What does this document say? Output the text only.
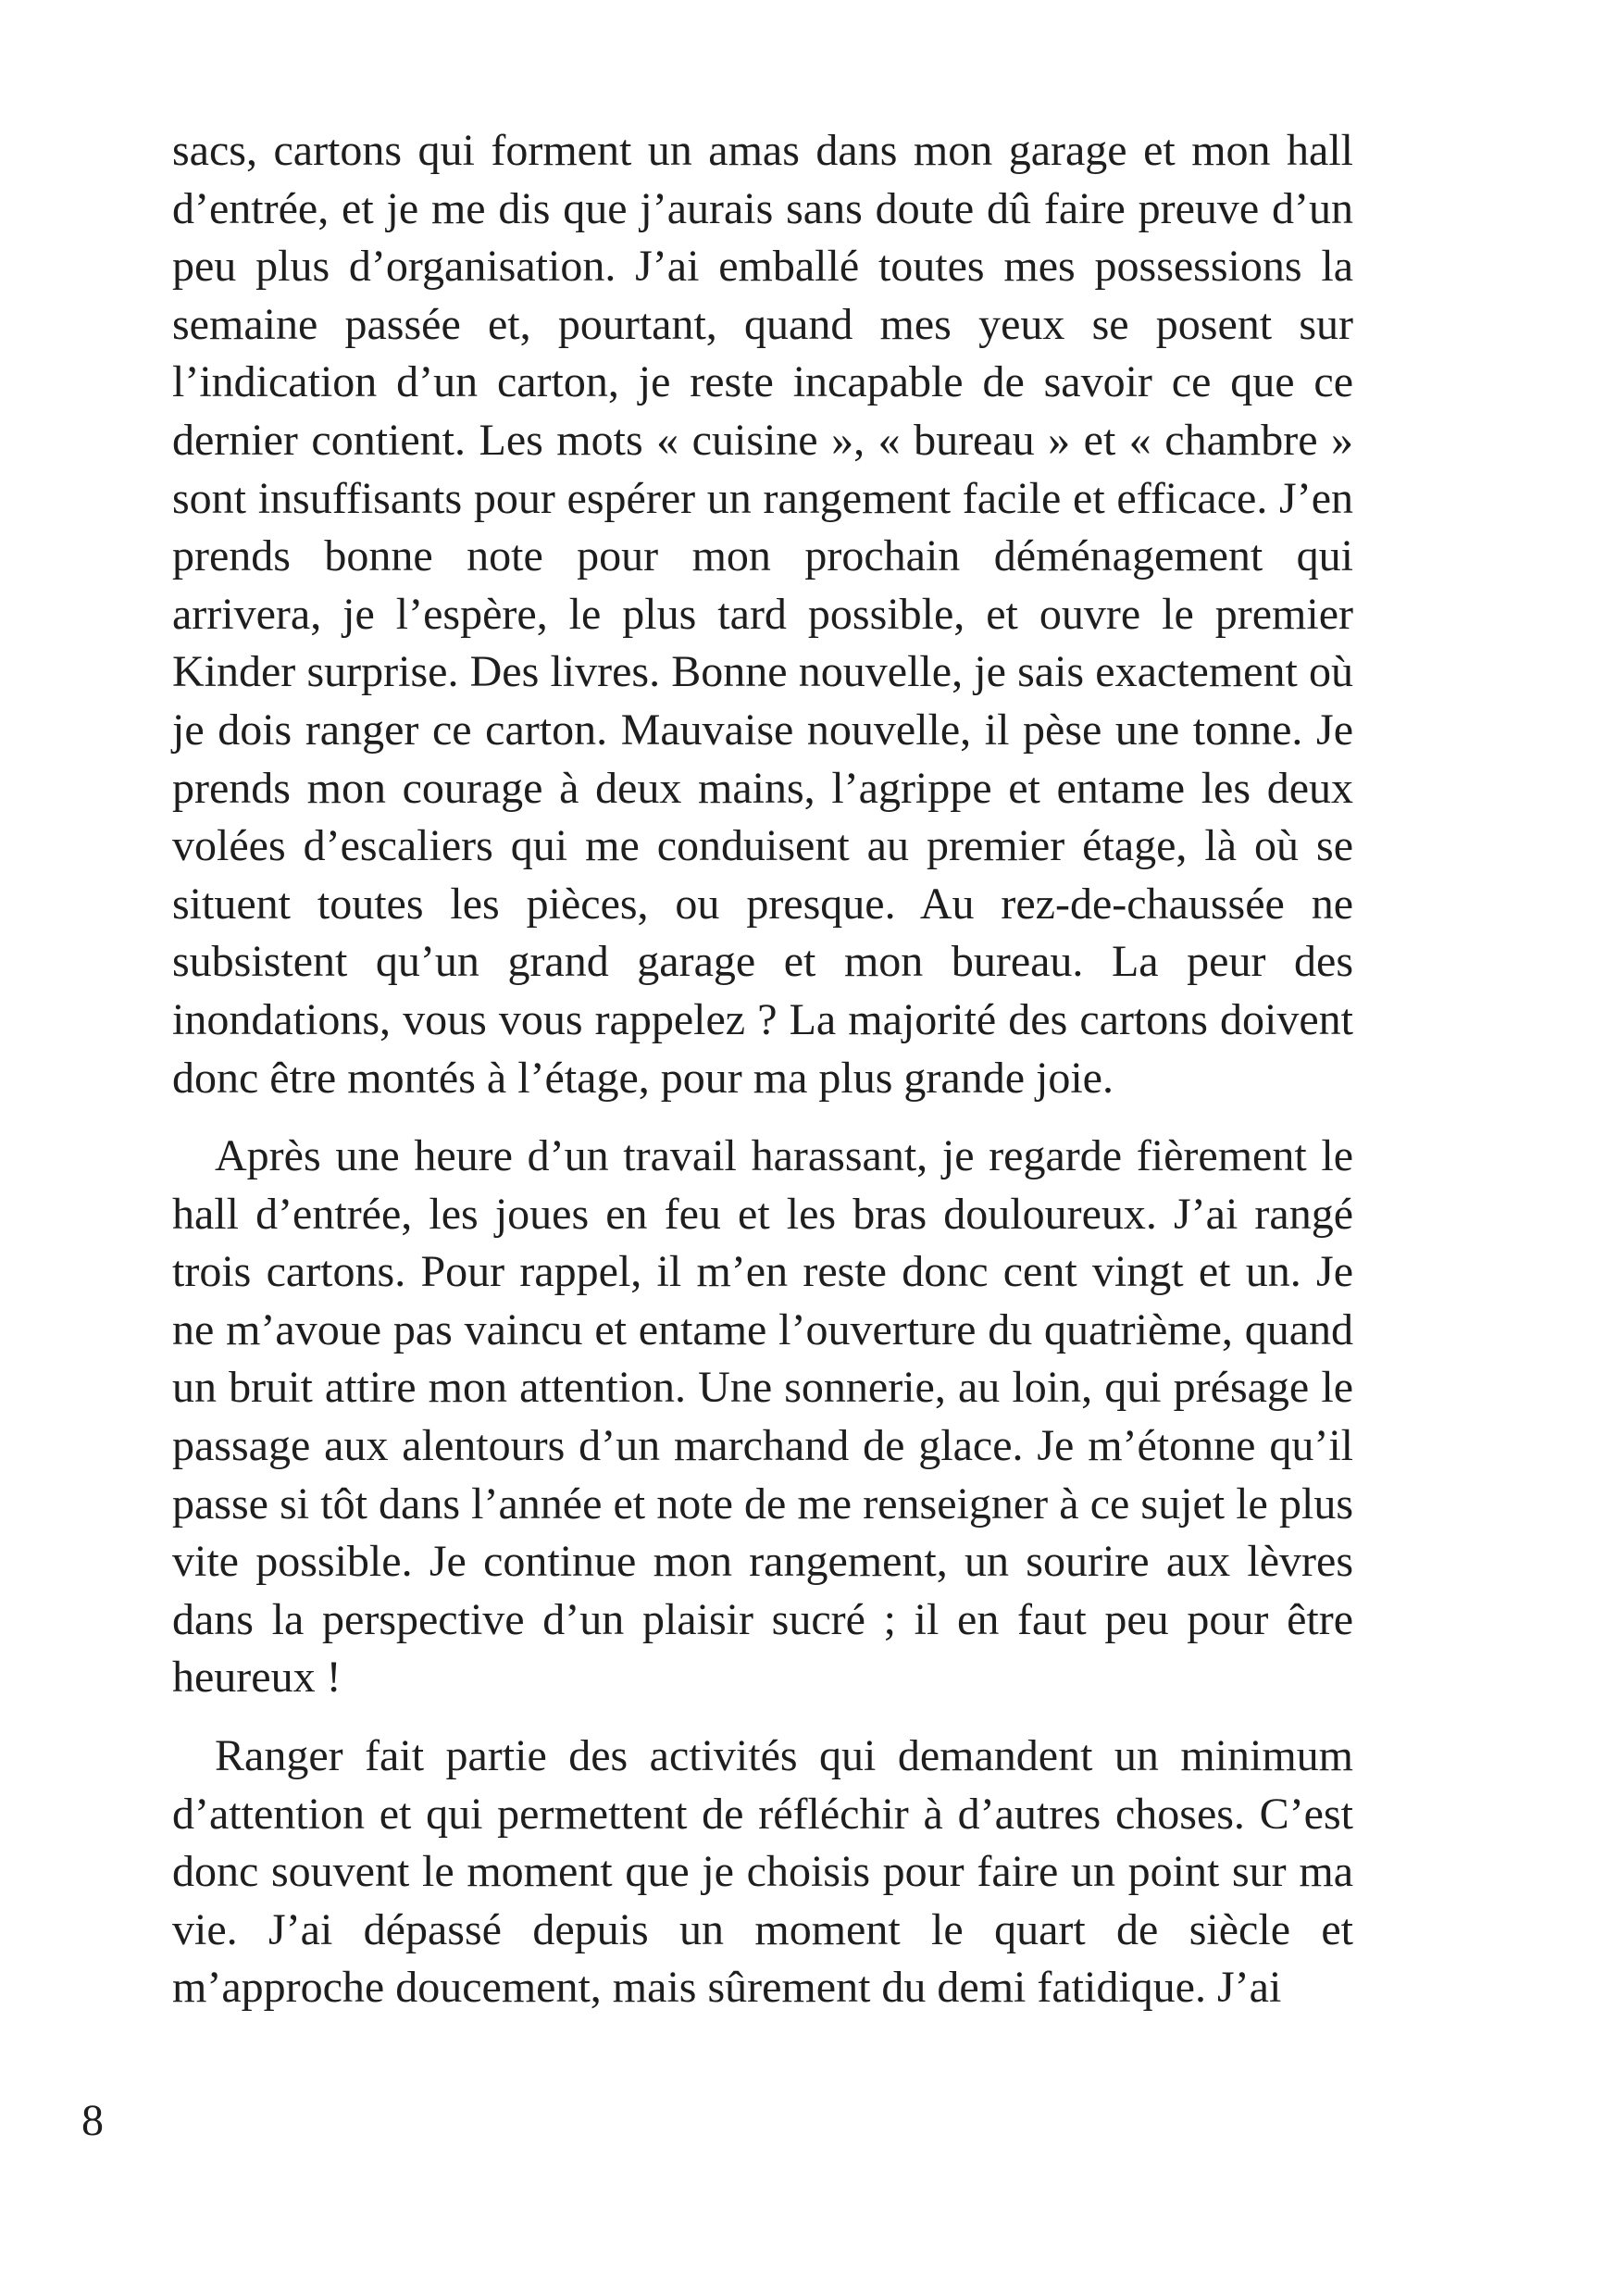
sacs, cartons qui forment un amas dans mon garage et mon hall d’entrée, et je me dis que j’aurais sans doute dû faire preuve d’un peu plus d’organisation. J’ai emballé toutes mes possessions la semaine passée et, pourtant, quand mes yeux se posent sur l’indication d’un carton, je reste incapable de savoir ce que ce dernier contient. Les mots « cuisine », « bureau » et « chambre » sont insuffisants pour espérer un rangement facile et efficace. J’en prends bonne note pour mon prochain déménagement qui arrivera, je l’espère, le plus tard possible, et ouvre le premier Kinder surprise. Des livres. Bonne nouvelle, je sais exactement où je dois ranger ce carton. Mauvaise nouvelle, il pèse une tonne. Je prends mon courage à deux mains, l’agrippe et entame les deux volées d’escaliers qui me conduisent au premier étage, là où se situent toutes les pièces, ou presque. Au rez-de-chaussée ne subsistent qu’un grand garage et mon bureau. La peur des inondations, vous vous rappelez ? La majorité des cartons doivent donc être montés à l’étage, pour ma plus grande joie.

Après une heure d’un travail harassant, je regarde fièrement le hall d’entrée, les joues en feu et les bras douloureux. J’ai rangé trois cartons. Pour rappel, il m’en reste donc cent vingt et un. Je ne m’avoue pas vaincu et entame l’ouverture du quatrième, quand un bruit attire mon attention. Une sonnerie, au loin, qui présage le passage aux alentours d’un marchand de glace. Je m’étonne qu’il passe si tôt dans l’année et note de me renseigner à ce sujet le plus vite possible. Je continue mon rangement, un sourire aux lèvres dans la perspective d’un plaisir sucré ; il en faut peu pour être heureux !

Ranger fait partie des activités qui demandent un minimum d’attention et qui permettent de réfléchir à d’autres choses. C’est donc souvent le moment que je choisis pour faire un point sur ma vie. J’ai dépassé depuis un moment le quart de siècle et m’approche doucement, mais sûrement du demi fatidique. J’ai

8
